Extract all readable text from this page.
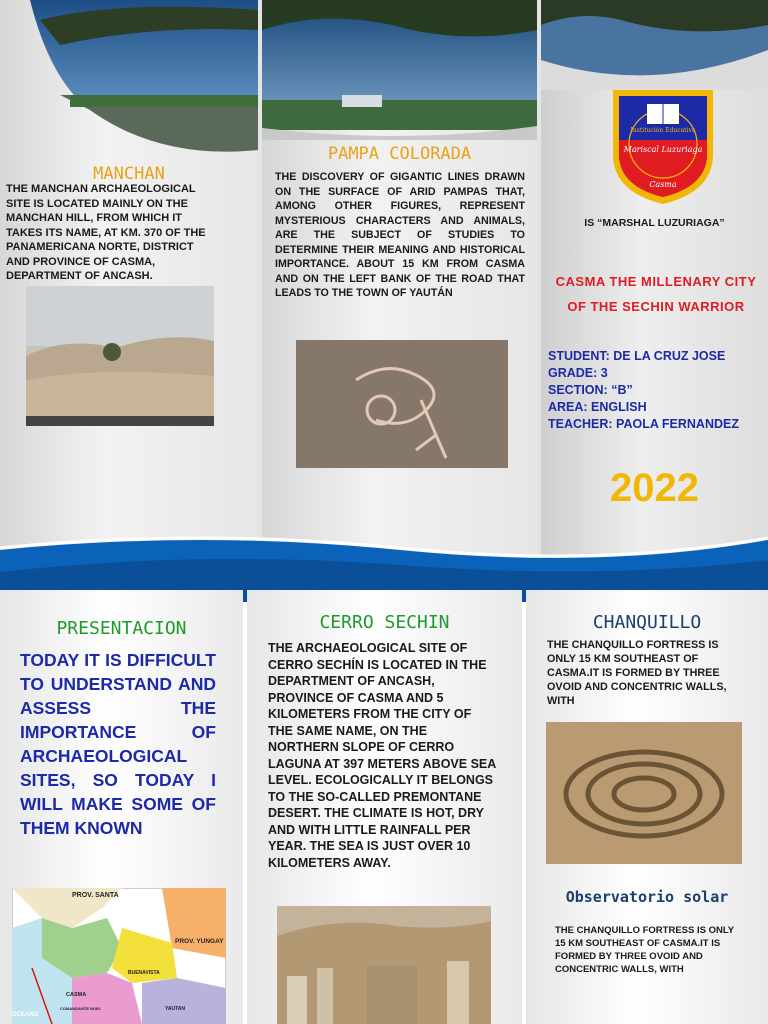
MANCHAN
THE MANCHAN ARCHAEOLOGICAL SITE IS LOCATED MAINLY ON THE MANCHAN HILL, FROM WHICH IT TAKES ITS NAME, AT KM. 370 OF THE PANAMERICANA NORTE, DISTRICT AND PROVINCE OF CASMA, DEPARTMENT OF ANCASH.
PAMPA COLORADA
THE DISCOVERY OF GIGANTIC LINES DRAWN ON THE SURFACE OF ARID PAMPAS THAT, AMONG OTHER FIGURES, REPRESENT MYSTERIOUS CHARACTERS AND ANIMALS, ARE THE SUBJECT OF STUDIES TO DETERMINE THEIR MEANING AND HISTORICAL IMPORTANCE. ABOUT 15 KM FROM CASMA AND ON THE LEFT BANK OF THE ROAD THAT LEADS TO THE TOWN OF YAUTÁN
Institución Educativa
Mariscal Luzuriaga
Casma
IS “MARSHAL LUZURIAGA”
CASMA THE MILLENARY CITY OF THE SECHIN WARRIOR
STUDENT: DE LA CRUZ JOSE
GRADE: 3
SECTION: “B”
AREA: ENGLISH
TEACHER: PAOLA FERNANDEZ
2022
PRESENTACION
TODAY IT IS DIFFICULT TO UNDERSTAND AND ASSESS THE IMPORTANCE OF ARCHAEOLOGICAL SITES, SO TODAY I WILL MAKE SOME OF THEM KNOWN
PROV. SANTA
PROV. YUNGAY
BUENAVISTA
CASMA
YAUTAN
COMANDANTE NOEL
OCEANO
CERRO SECHIN
THE ARCHAEOLOGICAL SITE OF CERRO SECHÍN IS LOCATED IN THE DEPARTMENT OF ANCASH, PROVINCE OF CASMA AND 5 KILOMETERS FROM THE CITY OF THE SAME NAME, ON THE NORTHERN SLOPE OF CERRO LAGUNA AT 397 METERS ABOVE SEA LEVEL. ECOLOGICALLY IT BELONGS TO THE SO-CALLED PREMONTANE DESERT. THE CLIMATE IS HOT, DRY AND WITH LITTLE RAINFALL PER YEAR. THE SEA IS JUST OVER 10 KILOMETERS AWAY.
CHANQUILLO
THE CHANQUILLO FORTRESS IS ONLY 15 KM SOUTHEAST OF CASMA.IT IS FORMED BY THREE OVOID AND CONCENTRIC WALLS, WITH
Observatorio solar
THE CHANQUILLO FORTRESS IS ONLY 15 KM SOUTHEAST OF CASMA.IT IS FORMED BY THREE OVOID AND CONCENTRIC WALLS, WITH
